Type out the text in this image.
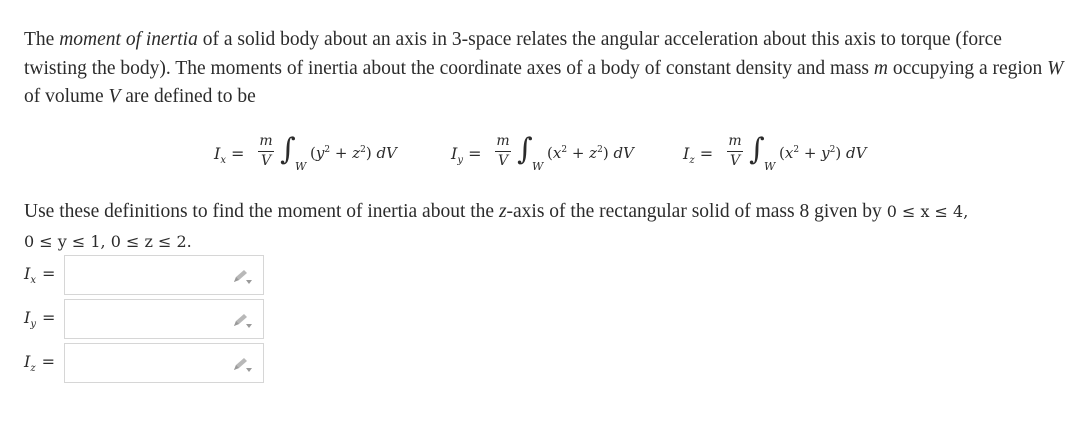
The moment of inertia of a solid body about an axis in 3-space relates the angular acceleration about this axis to torque (force twisting the body). The moments of inertia about the coordinate axes of a body of constant density and mass m occupying a region W of volume V are defined to be
$I_x$ =
m
V ∫ W
$(y^2 + z^2)$ dV	$I_y$ =
m
V ∫ W
$(x^2 + z^2)$ dV	$I_z$ =
m
V ∫ W
$(x^2 + y^2)$ dV
Use these definitions to find the moment of inertia about the z-axis of the rectangular solid of mass 8 given by 0 ≤ x ≤ 4,
0 ≤ y ≤ 1, 0 ≤ z ≤ 2.
$I_x$ =
$I_y$ =
$I_z$ =
